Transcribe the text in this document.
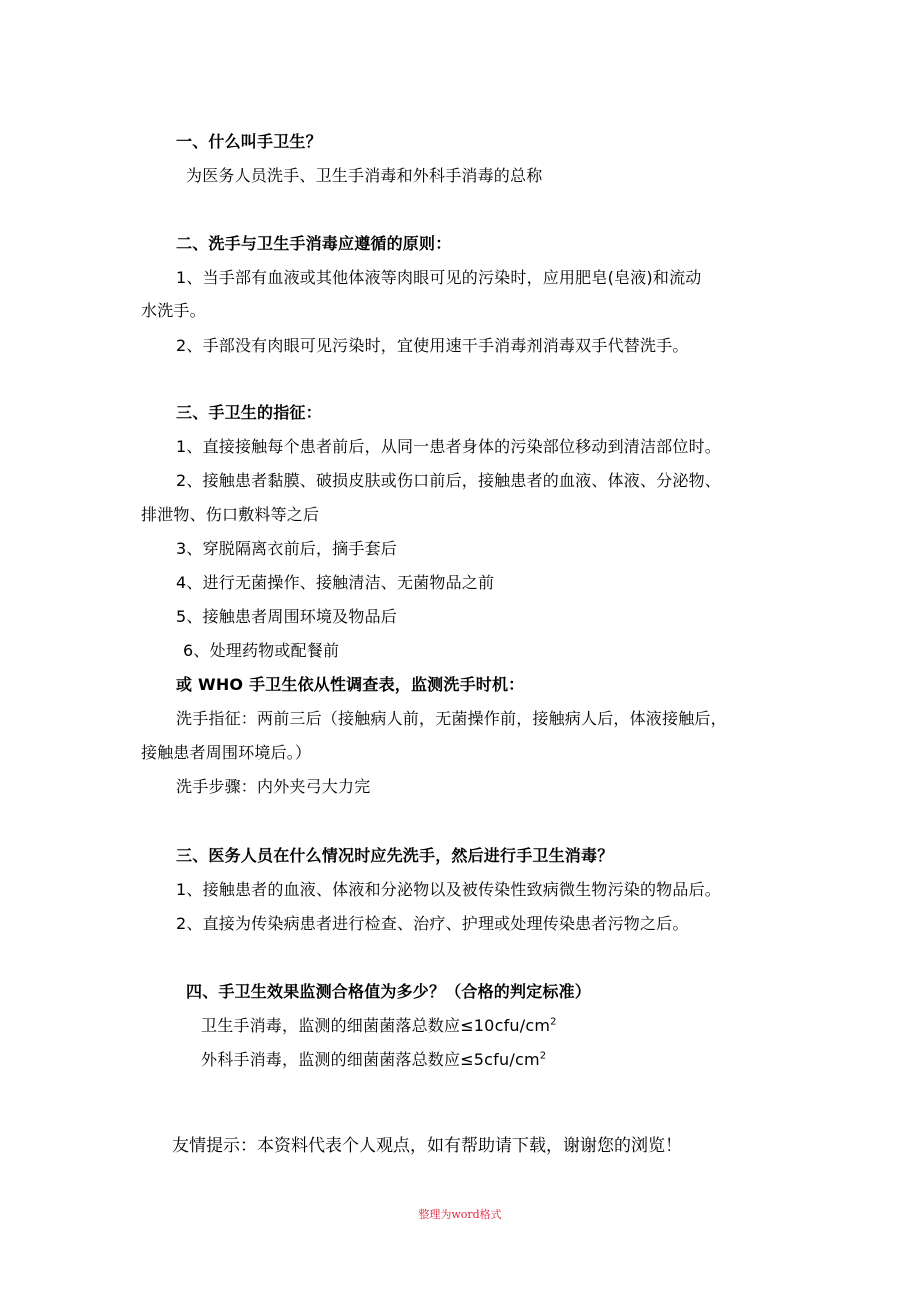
一、什么叫手卫生？
为医务人员洗手、卫生手消毒和外科手消毒的总称
二、洗手与卫生手消毒应遵循的原则：
1、当手部有血液或其他体液等肉眼可见的污染时，应用肥皂(皂液)和流动
水洗手。
2、手部没有肉眼可见污染时，宜使用速干手消毒剂消毒双手代替洗手。
三、手卫生的指征：
1、直接接触每个患者前后，从同一患者身体的污染部位移动到清洁部位时。
2、接触患者黏膜、破损皮肤或伤口前后，接触患者的血液、体液、分泌物、
排泄物、伤口敷料等之后
3、穿脱隔离衣前后，摘手套后
4、进行无菌操作、接触清洁、无菌物品之前
5、接触患者周围环境及物品后
6、处理药物或配餐前
或 WHO 手卫生依从性调查表，监测洗手时机：
洗手指征：两前三后（接触病人前，无菌操作前，接触病人后，体液接触后，
接触患者周围环境后。）
洗手步骤：内外夹弓大力完
三、医务人员在什么情况时应先洗手，然后进行手卫生消毒？
1、接触患者的血液、体液和分泌物以及被传染性致病微生物污染的物品后。
2、直接为传染病患者进行检查、治疗、护理或处理传染患者污物之后。
四、手卫生效果监测合格值为多少？（合格的判定标准）
卫生手消毒，监测的细菌菌落总数应$\le 10cfu/cm^2$
外科手消毒，监测的细菌菌落总数应$\le 5cfu/cm^2$
友情提示：本资料代表个人观点，如有帮助请下载，谢谢您的浏览！
整理为word格式
